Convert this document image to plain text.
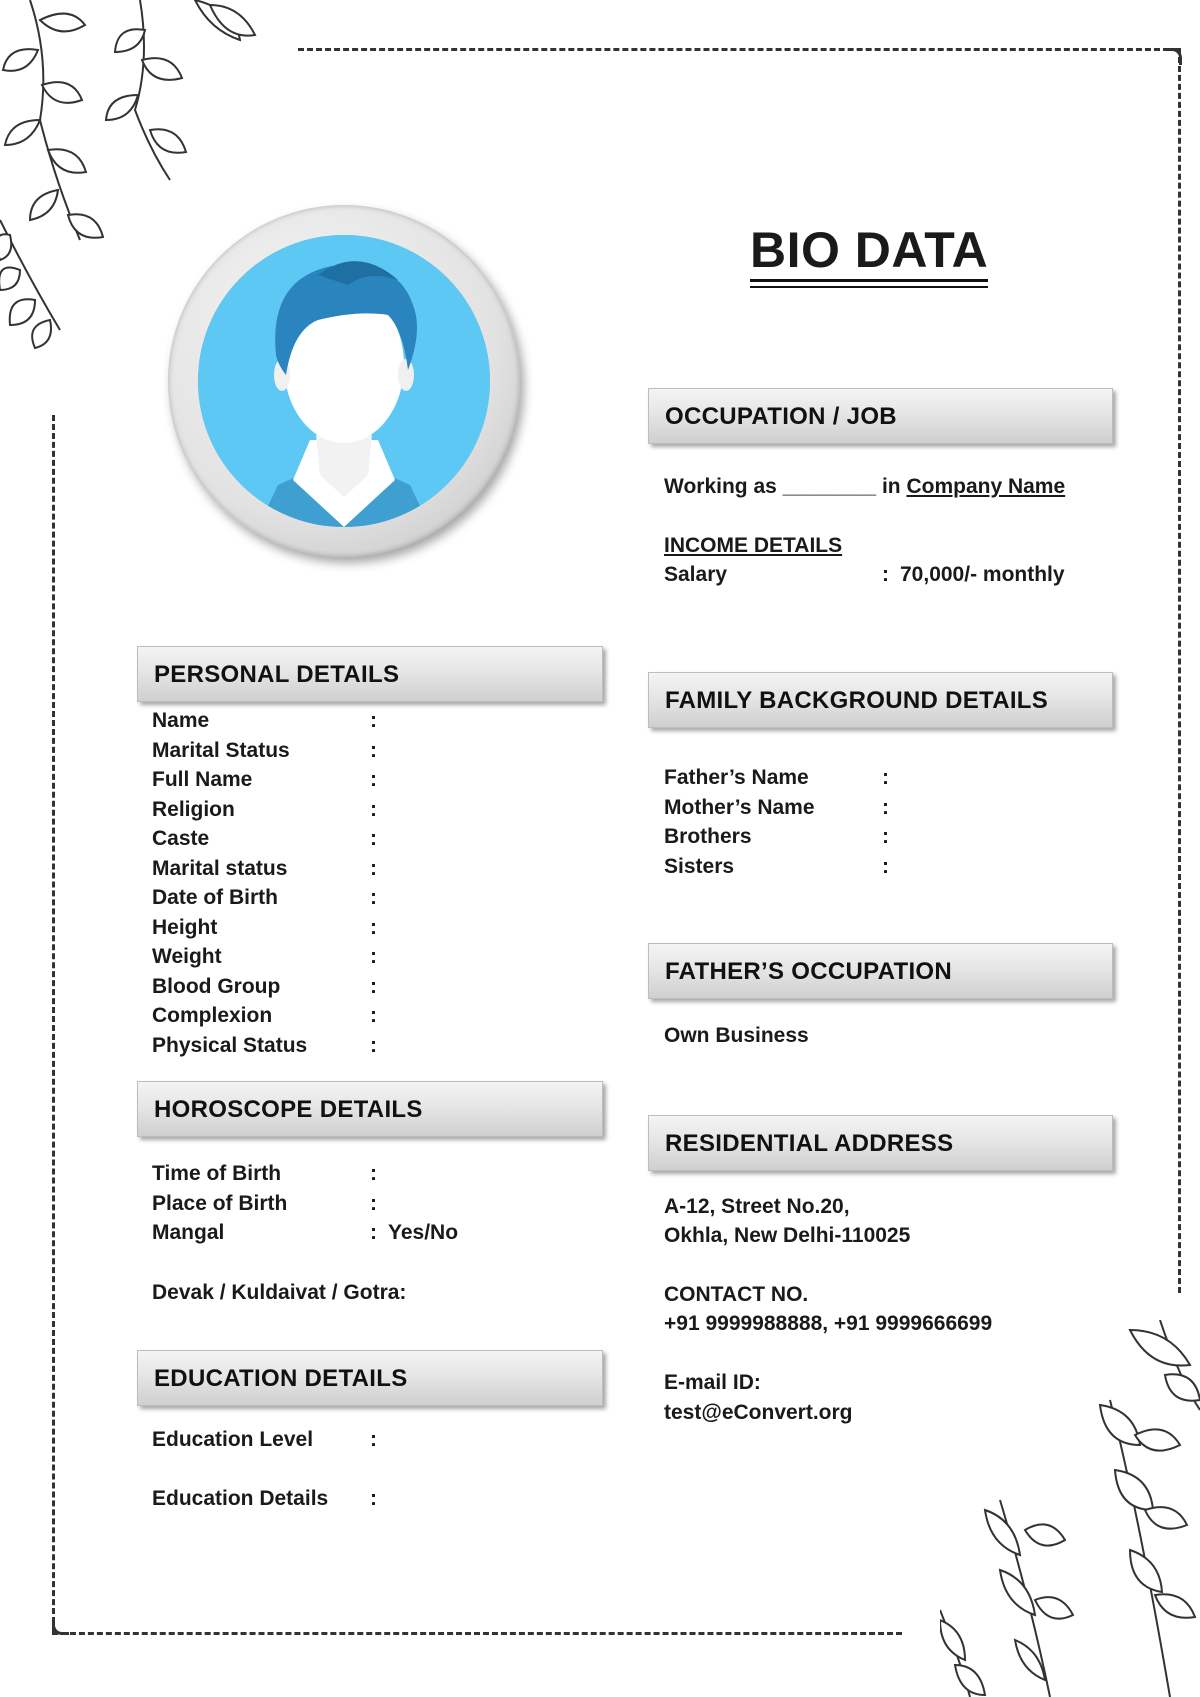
BIO DATA
OCCUPATION / JOB
Working as ________ in Company Name
INCOME DETAILS
Salary	: 70,000/- monthly
PERSONAL DETAILS
Name	:
Marital Status	:
Full Name	:
Religion	:
Caste	:
Marital status	:
Date of Birth	:
Height	:
Weight	:
Blood Group	:
Complexion	:
Physical Status	:
FAMILY BACKGROUND DETAILS
Father’s Name	:
Mother’s Name	:
Brothers	:
Sisters	:
FATHER’S OCCUPATION
Own Business
HOROSCOPE DETAILS
Time of Birth	:
Place of Birth	:
Mangal	: Yes/No
Devak / Kuldaivat / Gotra:
RESIDENTIAL ADDRESS
A-12, Street No.20,
Okhla, New Delhi-110025
CONTACT NO.
+91 9999988888, +91 9999666699
E-mail ID:
test@eConvert.org
EDUCATION DETAILS
Education Level	:
Education Details :
